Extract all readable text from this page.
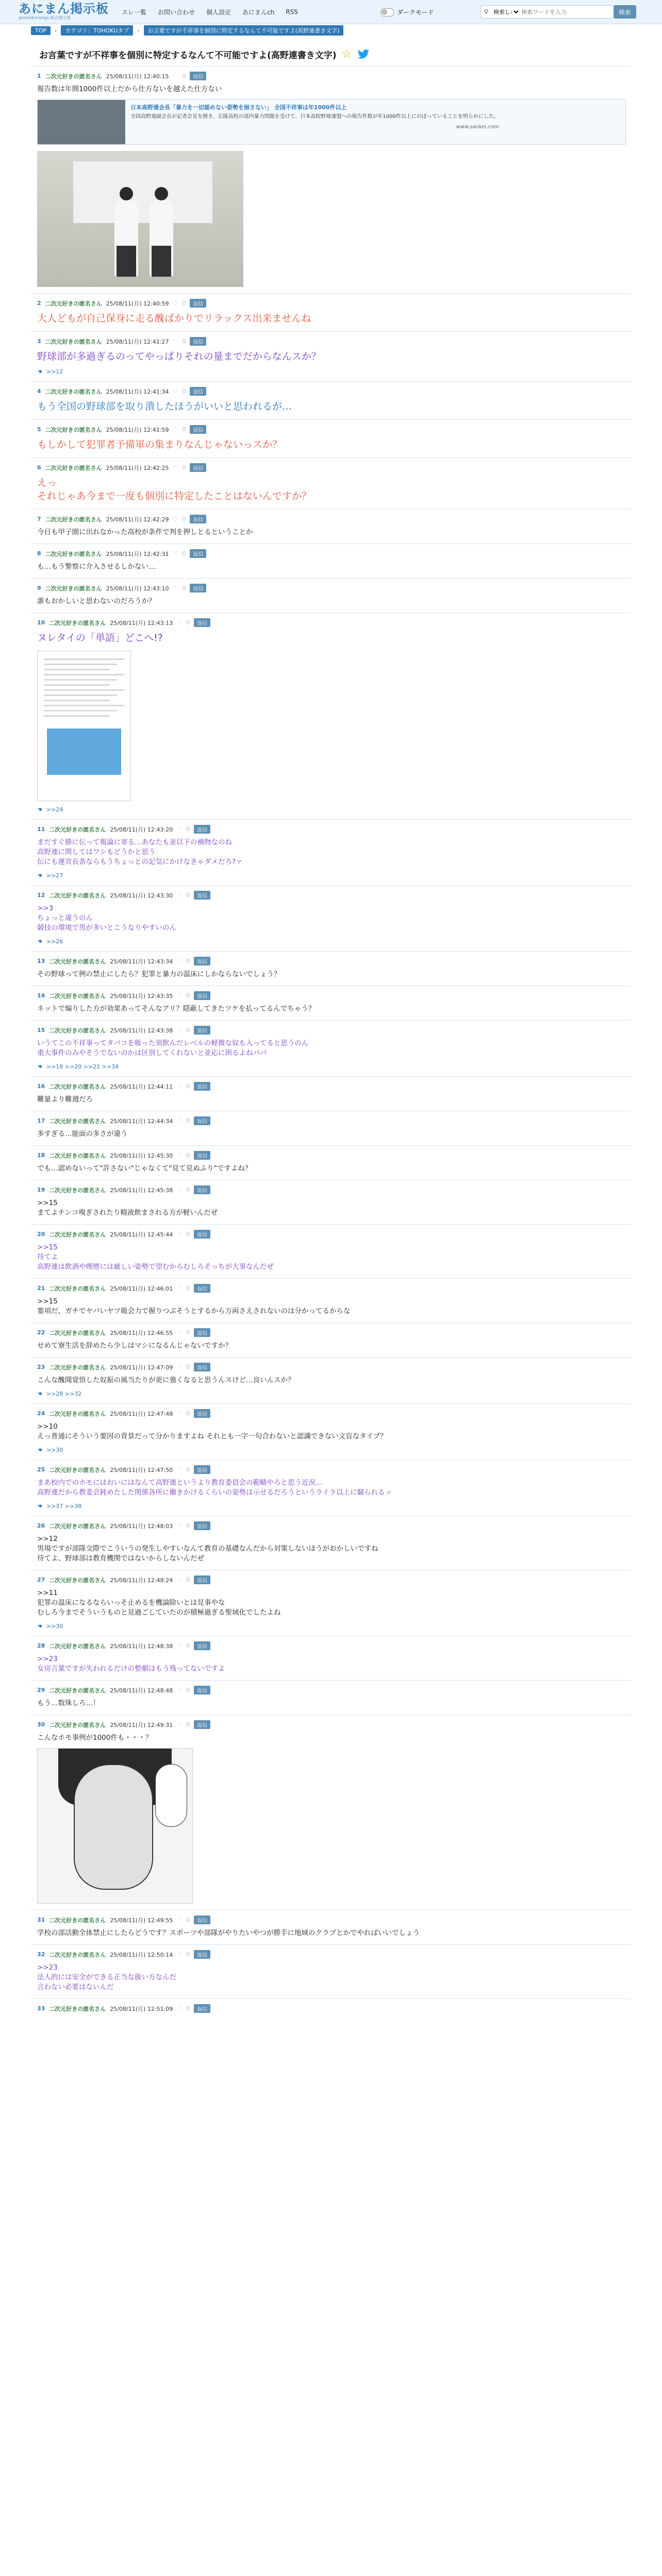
あにまん掲示板
anime&manga 総合掲示板
スレ一覧 お問い合わせ 個人設定 あにまんch RSS	ダークモード	⚲
検索しない
検索ワードを入力	検索
TOP	›	カテゴリ：TOHOKUタブ	›	お言葉ですが不祥事を個別に特定するなんて不可能ですよ(高野連書き文字)
お言葉ですが不祥事を個別に特定するなんて不可能ですよ(高野連書き文字) ☆
1 二次元好きの匿名さん 25/08/11(月) 12:40:15 ♡ 0	返信
報告数は年間1000件以上だから仕方ないを越えた仕方ない
日本高野連会長「暴力を一切認めない姿勢を崩さない」 全国不祥事は年1000件以上
全国高野連副会長が記者会見を開き、広陵高校の部内暴力問題を受けて、日本高校野球連盟への報告件数が年1000件以上にのぼっていることを明らかにした。
www.sankei.com
2 二次元好きの匿名さん 25/08/11(月) 12:40:59 ♡ 0	返信
大人どもが自己保身に走る醜ばかりでリラックス出来ませんね
3 二次元好きの匿名さん 25/08/11(月) 12:41:27 ♡ 0	返信
野球部が多過ぎるのってやっぱりそれの量までだからなんスか？
☚ >>12
4 二次元好きの匿名さん 25/08/11(月) 12:41:34 ♡ 0	返信
もう全国の野球部を取り潰したほうがいいと思われるが…
5 二次元好きの匿名さん 25/08/11(月) 12:41:59 ♡ 0	返信
もしかして犯罪者予備軍の集まりなんじゃないっスか？
6 二次元好きの匿名さん 25/08/11(月) 12:42:25 ♡ 0	返信
えっ
それじゃあ今まで一度も個別に特定したことはないんですか？
7 二次元好きの匿名さん 25/08/11(月) 12:42:29 ♡ 0	返信
今日も甲子園に出れなかった高校が条件で判を押しとるということか
8 二次元好きの匿名さん 25/08/11(月) 12:42:31 ♡ 0	返信
も…もう警察に介入させるしかない…
9 二次元好きの匿名さん 25/08/11(月) 12:43:10 ♡ 0	返信
誰もおかしいと思わないのだろうか？
10 二次元好きの匿名さん 25/08/11(月) 12:43:13 ♡ 0	返信
ヌレタイの「単語」どこへ!?
☚ >>24
11 二次元好きの匿名さん 25/08/11(月) 12:43:20 ♡ 0	返信
まだすぐ勝に伝って報論に寄る…あなたも並以下の禍物なのね
高野連に関してはワシもどうかと思う
伝にも運営長条ならもうちょっとの記気にかけなきゃダメだろ?ァ
☚ >>27
12 二次元好きの匿名さん 25/08/11(月) 12:43:30 ♡ 0	返信
>>3
ちょっと違うのん
競技の環境で男が多いとこうなりやすいのん
☚ >>26
13 二次元好きの匿名さん 25/08/11(月) 12:43:34 ♡ 0	返信
その野球って例の禁止にしたら？犯罪と暴力の温床にしかならないでしょう？
14 二次元好きの匿名さん 25/08/11(月) 12:43:35 ♡ 0	返信
ネットで煽りした方が効果あってそんなアリ？隠蔽してきたツケを払ってるんでちゃう？
15 二次元好きの匿名さん 25/08/11(月) 12:43:38 ♡ 0	返信
いうてこの不祥事ってタバコを吸った須飲んだレベルの軽微な奴も入ってると思うのん
重大事件のみやそうでないのかは区別してくれないと並応に困るよねパパ
☚ >>18 >>20 >>21 >>34
16 二次元好きの匿名さん 25/08/11(月) 12:44:11 ♡ 0	返信
難量より難週だろ
17 二次元好きの匿名さん 25/08/11(月) 12:44:34 ♡ 0	返信
多すぎる…能面の多さが違う
18 二次元好きの匿名さん 25/08/11(月) 12:45:30 ♡ 0	返信
でも…認めないって"許さない"じゃなくて"見て見ぬふり"ですよね？
19 二次元好きの匿名さん 25/08/11(月) 12:45:38 ♡ 0	返信
>>15
まてよチンコ嗅ぎされたり精液飲まされる方が軽いんだぜ
20 二次元好きの匿名さん 25/08/11(月) 12:45:44 ♡ 0	返信
>>15
待てよ
高野連は飲酒や喫煙には厳しい姿勢で望むからむしろそっちが大事なんだぜ
21 二次元好きの匿名さん 25/08/11(月) 12:46:01 ♡ 0	返信
>>15
要項だ、ガチでヤバいヤツ吸会力で握りつぶそうとするから万両さえされないのは分かってるからな
22 二次元好きの匿名さん 25/08/11(月) 12:46:55 ♡ 0	返信
せめて寮生活を辞めたら少しはマシになるんじゃないですか？
23 二次元好きの匿名さん 25/08/11(月) 12:47:09 ♡ 0	返信
こんな醜聞覚悟した奴振の風当たりが更に強くなると思うんスけど…良いんスか？
☚ >>28 >>32
24 二次元好きの匿名さん 25/08/11(月) 12:47:48 ♡ 0	返信
>>10
えっ普通にそういう要因の背景だって分かりますよね それとも一字一句合わないと認識できない文盲なタイプ？
☚ >>30
25 二次元好きの匿名さん 25/08/11(月) 12:47:50 ♡ 0	返信
まあ校内でのホモにはおいにはなんて高野連というより教育委員会の範疇やろと思う近況…
高野連だから教委会鈍めたした関係各所に働きかけるくらいの姿勢は示せるだろうというライラ以上に騒られるッ
☚ >>37 >>38
26 二次元好きの匿名さん 25/08/11(月) 12:48:03 ♡ 0	返信
>>12
男場ですが部隊交際でこういうの発生しやすいなんて教育の基礎なんだから対策しないほうがおかしいですね
待てよ、野球部は教育機関ではないからしないんだぜ
27 二次元好きの匿名さん 25/08/11(月) 12:48:24 ♡ 0	返信
>>11
犯罪の温床になるならいっそ止めるを機論除いとは見事やな
むしろ今までそういうものと見過ごしていたのが積極過ぎる聖域化でしたよね
☚ >>30
28 二次元好きの匿名さん 25/08/11(月) 12:48:38 ♡ 0	返信
>>23
女房言葉ですが失われるだけの整劇はもう残ってないですよ
29 二次元好きの匿名さん 25/08/11(月) 12:48:48 ♡ 0	返信
もう…数珠しろ…！
30 二次元好きの匿名さん 25/08/11(月) 12:49:31 ♡ 0	返信
こんなホモ事例が1000件も・・・？
31 二次元好きの匿名さん 25/08/11(月) 12:49:55 ♡ 0	返信
学校の部活動全体禁止にしたらどうです？スポーツや部隊がやりたいやつが勝手に地域のクラブとかでやればいいでしょう
32 二次元好きの匿名さん 25/08/11(月) 12:50:14 ♡ 0	返信
>>23
法人的には安全ができる正当な扱い方なんだ
言わない必要はないんだ
33 二次元好きの匿名さん 25/08/11(月) 12:51:09 ♡ 0	返信
